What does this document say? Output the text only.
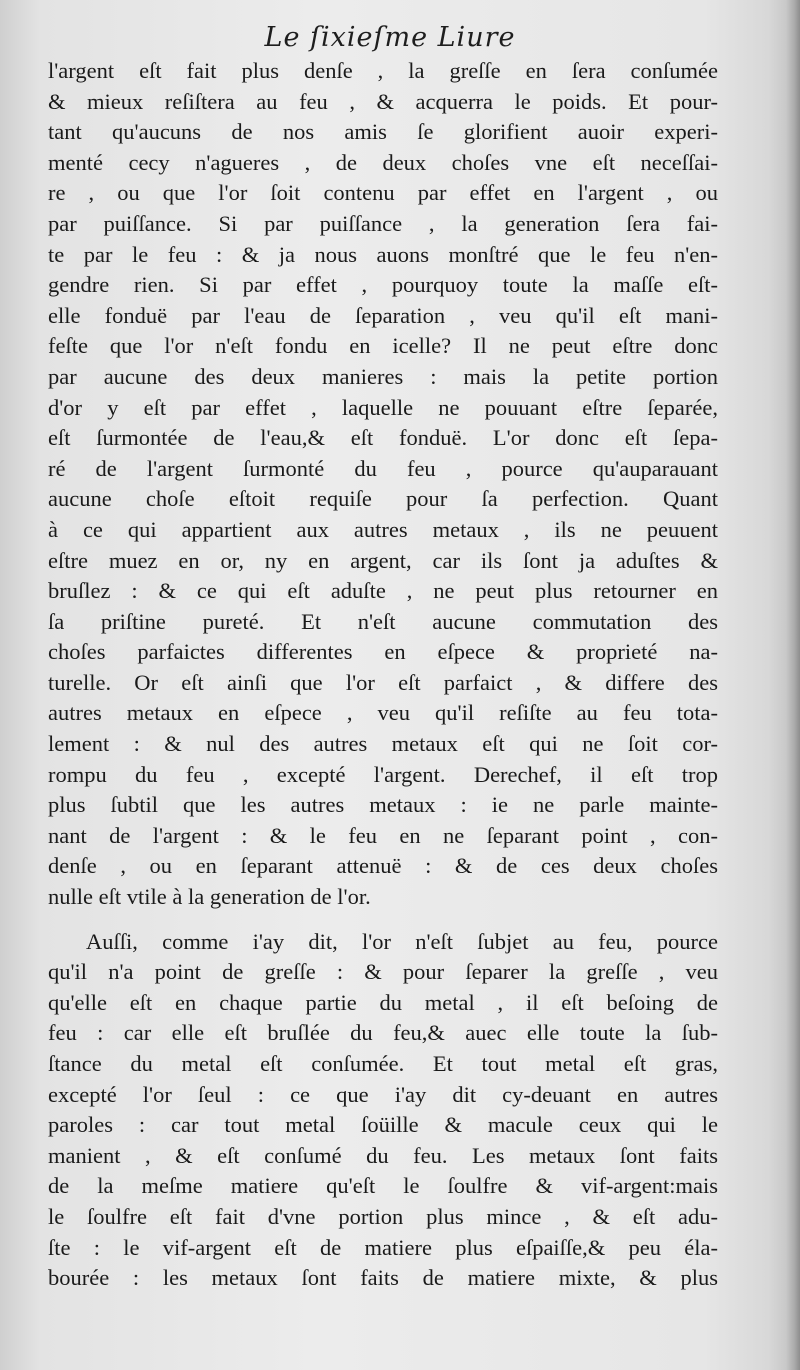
Le ſixieſme Liure
l'argent eſt fait plus denſe , la greſſe en ſera conſumée
& mieux reſiſtera au feu , & acquerra le poids. Et pour-
tant qu'aucuns de nos amis ſe glorifient auoir experi-
menté cecy n'agueres , de deux choſes vne eſt neceſſai-
re , ou que l'or ſoit contenu par effet en l'argent , ou
par puiſſance. Si par puiſſance , la generation ſera fai-
te par le feu : & ja nous auons monſtré que le feu n'en-
gendre rien. Si par effet , pourquoy toute la maſſe eſt-
elle fonduë par l'eau de ſeparation , veu qu'il eſt mani-
feſte que l'or n'eſt fondu en icelle? Il ne peut eſtre donc
par aucune des deux manieres : mais la petite portion
d'or y eſt par effet , laquelle ne pouuant eſtre ſeparée,
eſt ſurmontée de l'eau,& eſt fonduë. L'or donc eſt ſepa-
ré de l'argent ſurmonté du feu , pource qu'auparauant
aucune choſe eſtoit requiſe pour ſa perfection. Quant
à ce qui appartient aux autres metaux , ils ne peuuent
eſtre muez en or, ny en argent, car ils ſont ja aduſtes &
bruſlez : & ce qui eſt aduſte , ne peut plus retourner en
ſa priſtine pureté. Et n'eſt aucune commutation des
choſes parfaictes differentes en eſpece & proprieté na-
turelle. Or eſt ainſi que l'or eſt parfaict , & differe des
autres metaux en eſpece , veu qu'il reſiſte au feu tota-
lement : & nul des autres metaux eſt qui ne ſoit cor-
rompu du feu , excepté l'argent. Derechef, il eſt trop
plus ſubtil que les autres metaux : ie ne parle mainte-
nant de l'argent : & le feu en ne ſeparant point , con-
denſe , ou en ſeparant attenuë : & de ces deux choſes
nulle eſt vtile à la generation de l'or.
Auſſi, comme i'ay dit, l'or n'eſt ſubjet au feu, pource
qu'il n'a point de greſſe : & pour ſeparer la greſſe , veu
qu'elle eſt en chaque partie du metal , il eſt beſoing de
feu : car elle eſt bruſlée du feu,& auec elle toute la ſub-
ſtance du metal eſt conſumée. Et tout metal eſt gras,
excepté l'or ſeul : ce que i'ay dit cy-deuant en autres
paroles : car tout metal ſoüille & macule ceux qui le
manient , & eſt conſumé du feu. Les metaux ſont faits
de la meſme matiere qu'eſt le ſoulfre & vif-argent:mais
le ſoulfre eſt fait d'vne portion plus mince , & eſt adu-
ſte : le vif-argent eſt de matiere plus eſpaiſſe,& peu éla-
bourée : les metaux ſont faits de matiere mixte, & plus
